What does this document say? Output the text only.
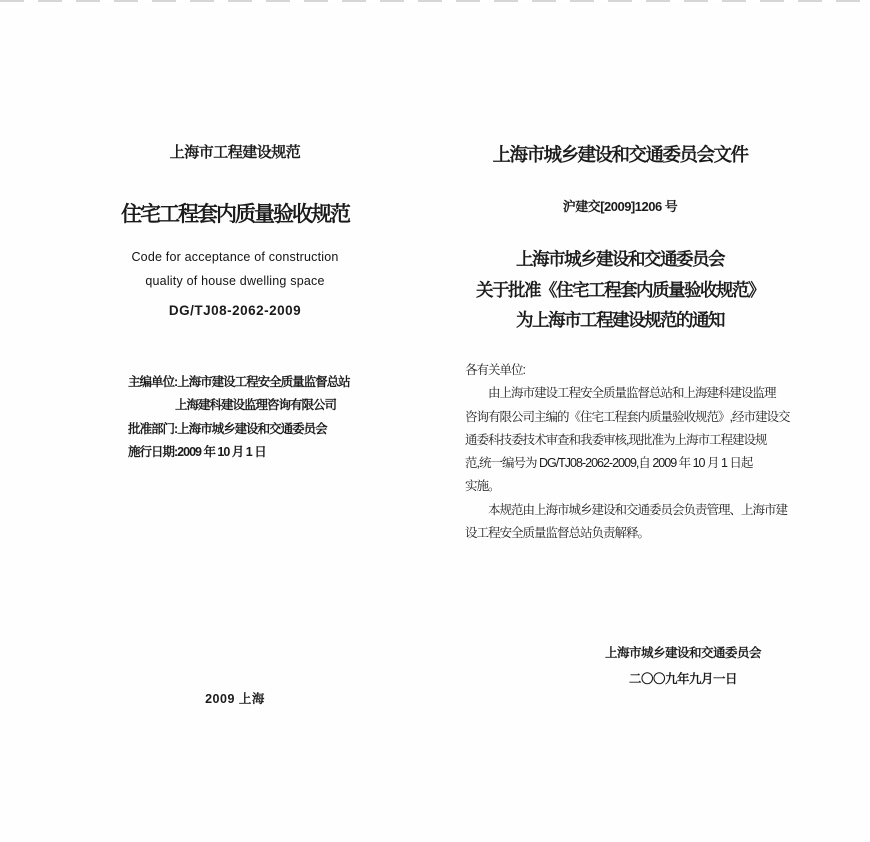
上海市工程建设规范
住宅工程套内质量验收规范
Code for acceptance of construction
quality of house dwelling space
DG/TJ08-2062-2009
主编单位:上海市建设工程安全质量监督总站
上海建科建设监理咨询有限公司
批准部门:上海市城乡建设和交通委员会
施行日期:2009 年 10 月 1 日
2009 上海
上海市城乡建设和交通委员会文件
沪建交[2009]1206 号
上海市城乡建设和交通委员会
关于批准《住宅工程套内质量验收规范》
为上海市工程建设规范的通知
各有关单位:
由上海市建设工程安全质量监督总站和上海建科建设监理
咨询有限公司主编的《住宅工程套内质量验收规范》,经市建设交
通委科技委技术审查和我委审核,现批准为上海市工程建设规
范,统一编号为 DG/TJ08-2062-2009,自 2009 年 10 月 1 日起
实施。
本规范由上海市城乡建设和交通委员会负责管理、上海市建
设工程安全质量监督总站负责解释。
上海市城乡建设和交通委员会
二〇〇九年九月一日
